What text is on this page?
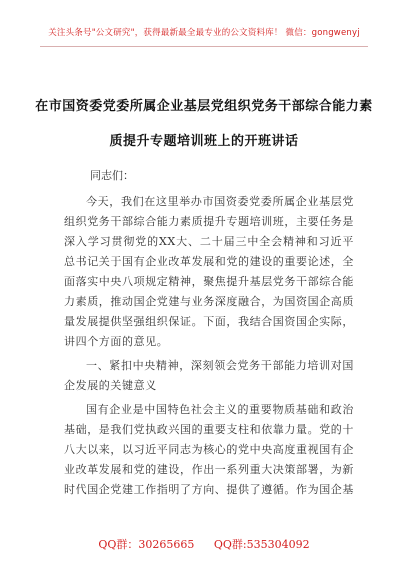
关注头条号"公文研究"，获得最新最全最专业的公文资料库！ 微信：gongwenyj
在市国资委党委所属企业基层党组织党务干部综合能力素
质提升专题培训班上的开班讲话
同志们：

今天，我们在这里举办市国资委党委所属企业基层党组织党务干部综合能力素质提升专题培训班，主要任务是深入学习贯彻党的XX大、二十届三中全会精神和习近平总书记关于国有企业改革发展和党的建设的重要论述，全面落实中央八项规定精神，聚焦提升基层党务干部综合能力素质，推动国企党建与业务深度融合，为国资国企高质量发展提供坚强组织保证。下面，我结合国资国企实际，讲四个方面的意见。

一、紧扣中央精神，深刻领会党务干部能力培训对国企发展的关键意义

国有企业是中国特色社会主义的重要物质基础和政治基础，是我们党执政兴国的重要支柱和依靠力量。党的十八大以来，以习近平同志为核心的党中央高度重视国有企业改革发展和党的建设，作出一系列重大决策部署，为新时代国企党建工作指明了方向、提供了遵循。作为国企基

QQ群：30265665 QQ群:535304092
